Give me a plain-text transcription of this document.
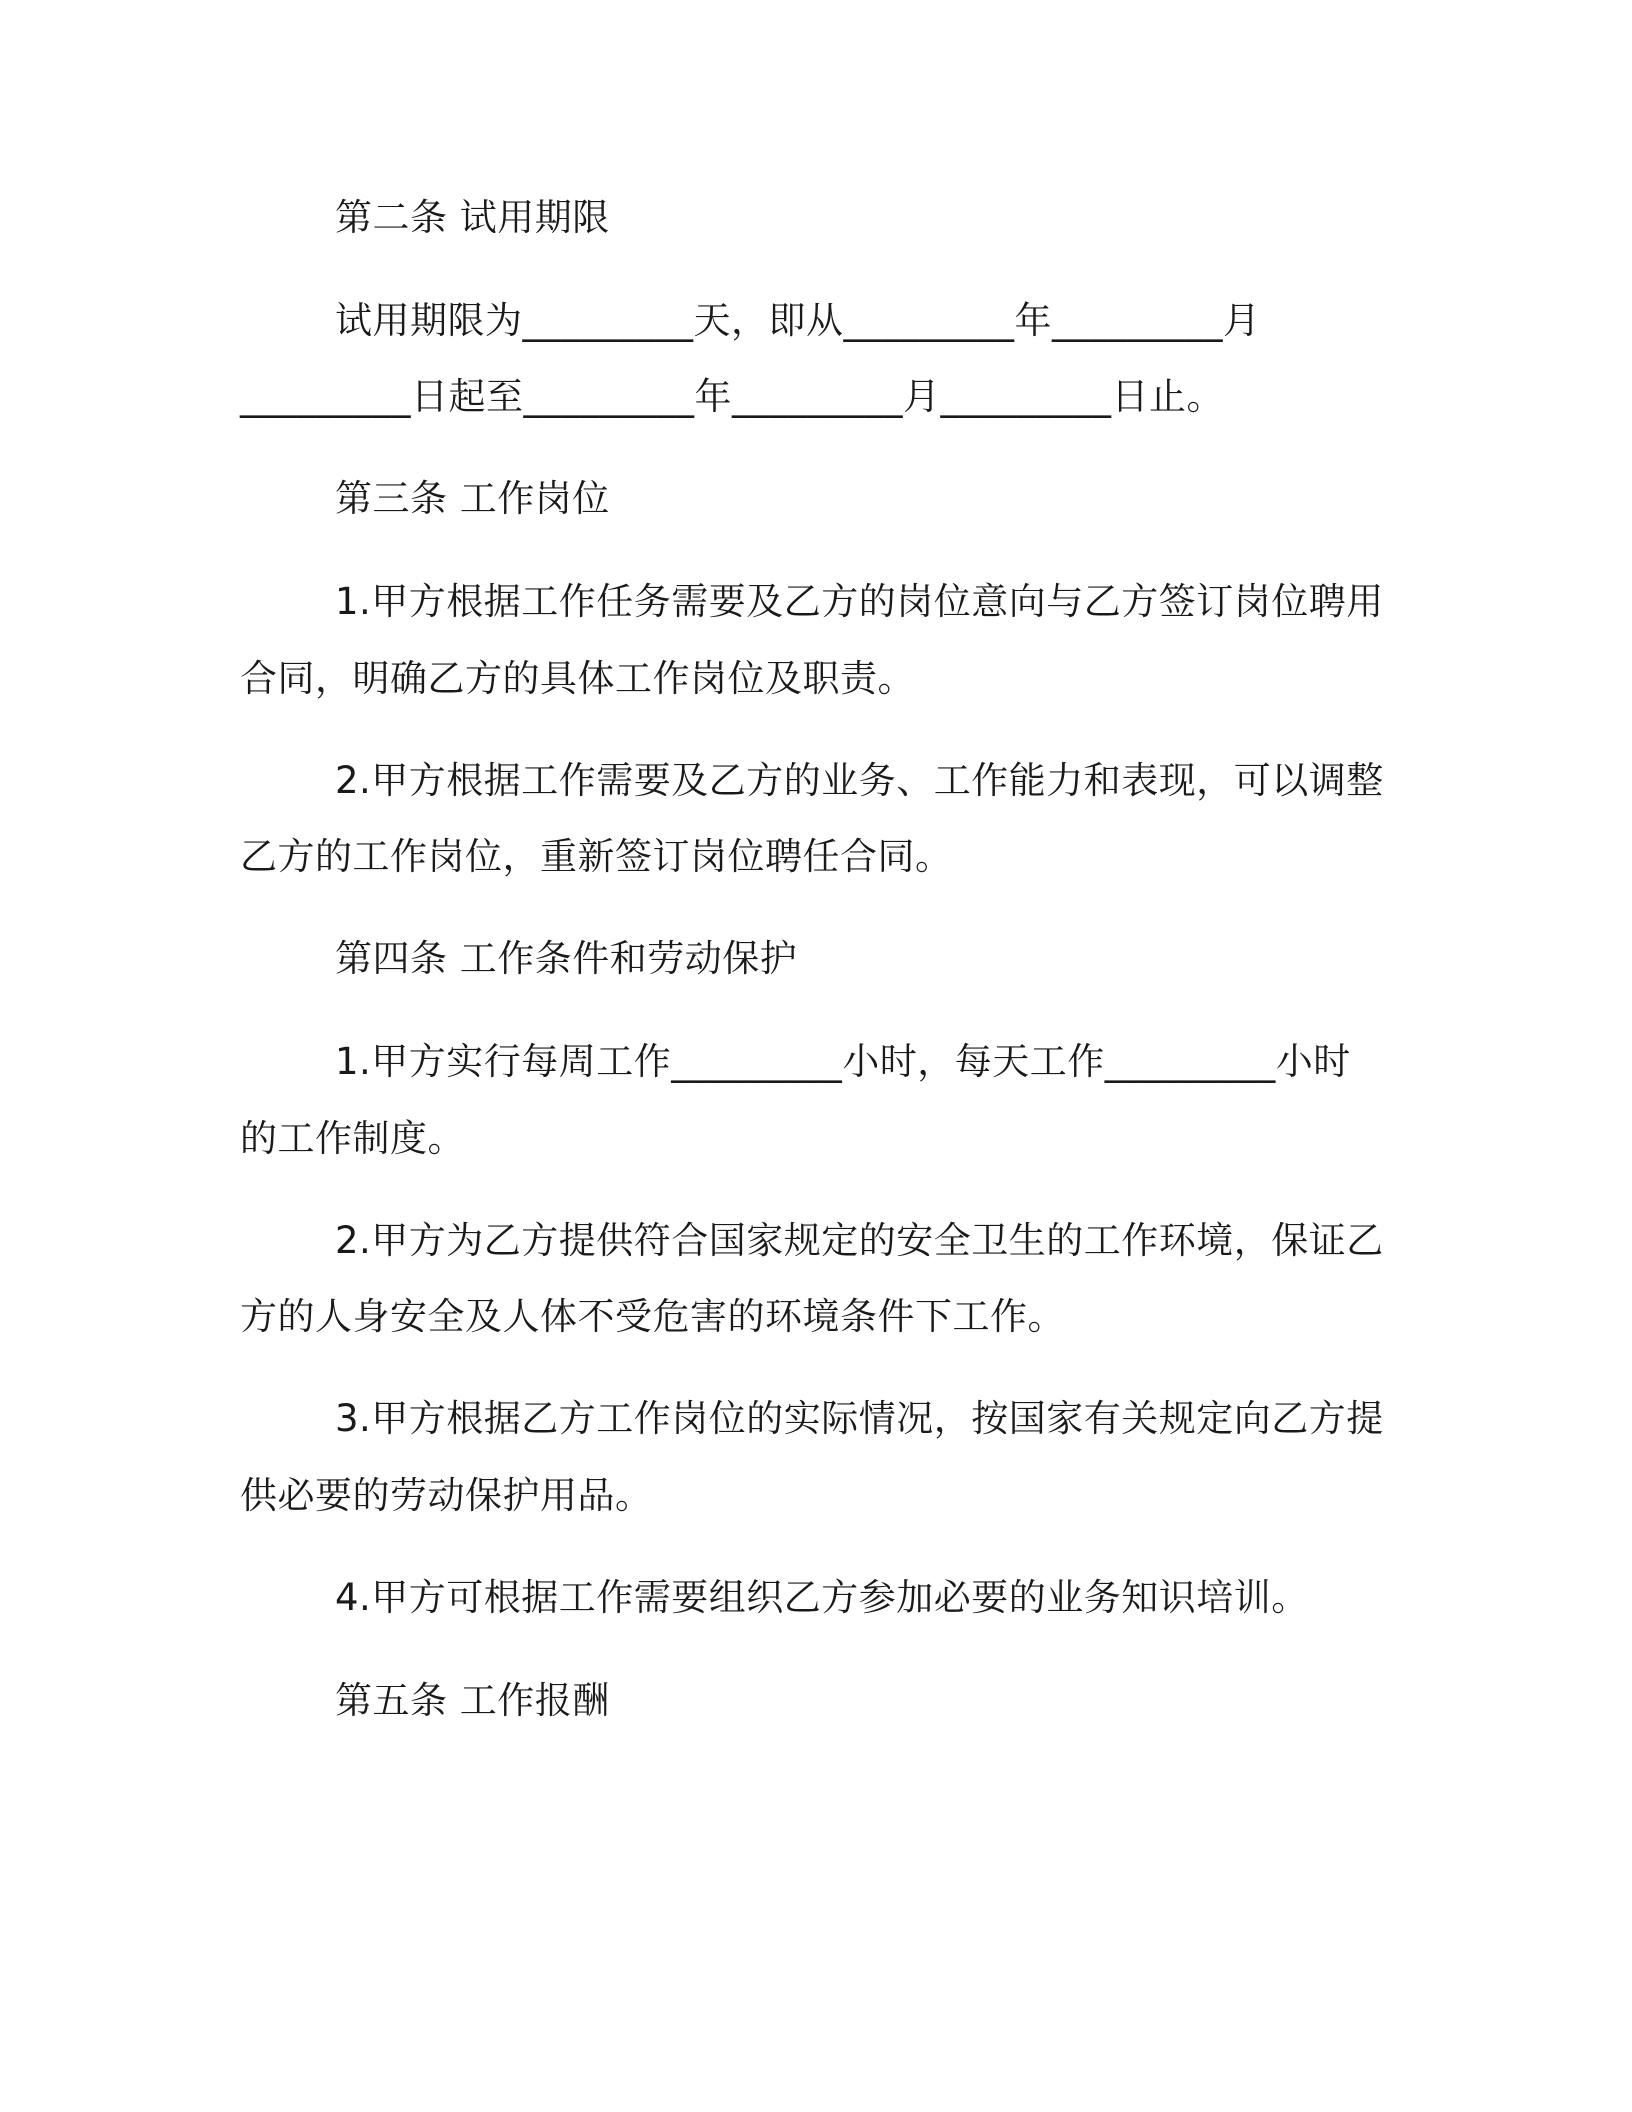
第二条 试用期限
试用期限为_________天，即从_________年_________月
_________日起至_________年_________月_________日止。
第三条 工作岗位
1.甲方根据工作任务需要及乙方的岗位意向与乙方签订岗位聘用
合同，明确乙方的具体工作岗位及职责。
2.甲方根据工作需要及乙方的业务、工作能力和表现，可以调整
乙方的工作岗位，重新签订岗位聘任合同。
第四条 工作条件和劳动保护
1.甲方实行每周工作_________小时，每天工作_________小时
的工作制度。
2.甲方为乙方提供符合国家规定的安全卫生的工作环境，保证乙
方的人身安全及人体不受危害的环境条件下工作。
3.甲方根据乙方工作岗位的实际情况，按国家有关规定向乙方提
供必要的劳动保护用品。
4.甲方可根据工作需要组织乙方参加必要的业务知识培训。
第五条 工作报酬
